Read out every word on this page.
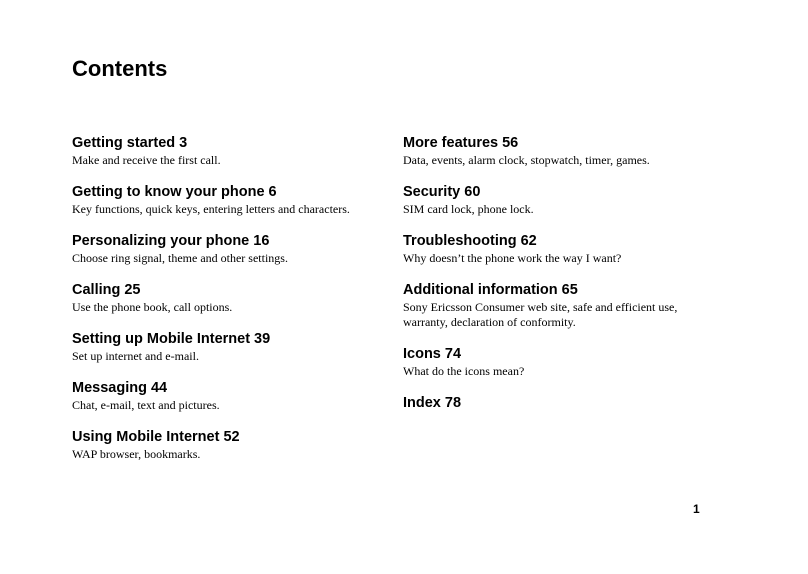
Contents
Getting started 3
Make and receive the first call.
Getting to know your phone 6
Key functions, quick keys, entering letters and characters.
Personalizing your phone 16
Choose ring signal, theme and other settings.
Calling 25
Use the phone book, call options.
Setting up Mobile Internet 39
Set up internet and e-mail.
Messaging 44
Chat, e-mail, text and pictures.
Using Mobile Internet 52
WAP browser, bookmarks.
More features 56
Data, events, alarm clock, stopwatch, timer, games.
Security 60
SIM card lock, phone lock.
Troubleshooting 62
Why doesn’t the phone work the way I want?
Additional information 65
Sony Ericsson Consumer web site, safe and efficient use, warranty, declaration of conformity.
Icons 74
What do the icons mean?
Index 78
1
